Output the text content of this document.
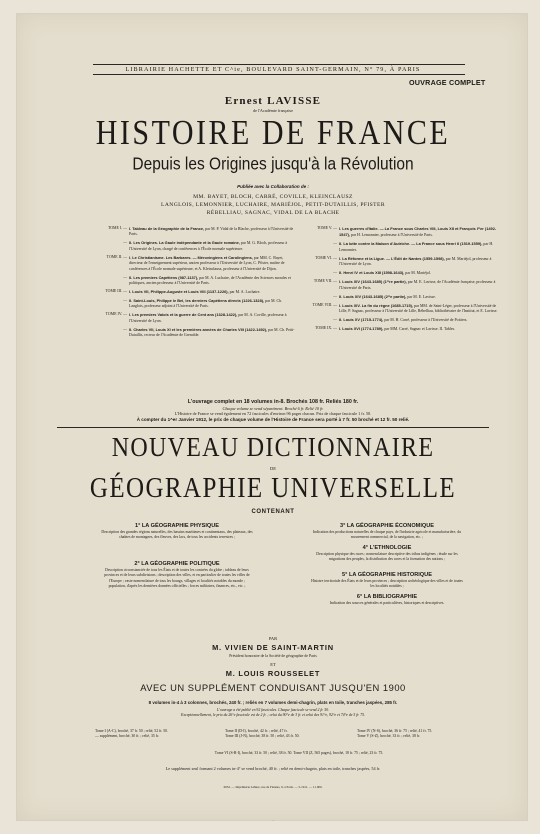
LIBRAIRIE HACHETTE ET C^ie, BOULEVARD SAINT-GERMAIN, N° 79, À PARIS
OUVRAGE COMPLET
Ernest LAVISSE
de l'Académie française
HISTOIRE DE FRANCE
Depuis les Origines jusqu'à la Révolution
Publiée avec la Collaboration de :
MM. BAYET, BLOCH, CARRÉ, COVILLE, KLEINCLAUSZ
LANGLOIS, LEMONNIER, LUCHAIRE, MARIÉJOL, PETIT-DUTAILLIS, PFISTER
RÉBELLIAU, SAGNAC, VIDAL DE LA BLACHE
TOME I. — I. Tableau de la Géographie de la France, par M. P. Vidal de la Blache, professeur à l'Université de Paris.
— II. Les Origines. La Gaule indépendante et la Gaule romaine, par M. G. Bloch, professeur à l'Université de Lyon, chargé de conférences à l'École normale supérieure.
TOME II. — I. Le Christianisme. Les Barbares. — Mérovingiens et Carolingiens, par MM. C. Bayet, directeur de l'enseignement supérieur, ancien professeur à l'Université de Lyon, C. Pfister, maître de conférences à l'École normale supérieure, et A. Kleinclausz, professeur à l'Université de Dijon.
— II. Les premiers Capétiens (987-1137), par M. A. Luchaire, de l'Académie des Sciences morales et politiques, ancien professeur à l'Université de Paris.
TOME III. — I. Louis VII, Philippe-Auguste et Louis VIII (1137-1226), par M. A. Luchaire.
— II. Saint-Louis, Philippe le Bel, les derniers Capétiens directs (1226-1328), par M. Ch. Langlois, professeur adjoint à l'Université de Paris.
TOME IV. — I. Les premiers Valois et la guerre de Cent ans (1328-1422), par M. A. Coville, professeur à l'Université de Lyon.
— II. Charles VII, Louis XI et les premières années de Charles VIII (1422-1492), par M. Ch. Petit-Dutaillis, recteur de l'Académie de Grenoble.
TOME V. — I. Les guerres d'Italie. — La France sous Charles VIII, Louis XII et François I^er (1492-1547), par H. Lemonnier, professeur à l'Université de Paris.
— II. La lutte contre la Maison d'Autriche. — La France sous Henri II (1519-1559), par H. Lemonnier.
TOME VI. — I. La Réforme et la Ligue. — L'Édit de Nantes (1559-1598), par M. Mariéjol, professeur à l'Université de Lyon.
— II. Henri IV et Louis XIII (1598-1643), par M. Mariéjol.
TOME VII. — I. Louis XIV (1643-1685) (1^re partie), par M. E. Lavisse, de l'Académie française, professeur à l'Université de Paris.
— II. Louis XIV (1643-1685) (2^e partie), par M. E. Lavisse.
TOME VIII. — I. Louis XIV. La fin du règne (1685-1715), par MM. de Saint-Léger, professeur à l'Université de Lille, P. Sagnac, professeur à l'Université de Lille, Rébelliau, bibliothécaire de l'Institut, et E. Lavisse.
— II. Louis XV (1715-1774), par M. H. Carré, professeur à l'Université de Poitiers.
TOME IX. — I. Louis XVI (1774-1789), par MM. Carré, Sagnac et Lavisse. II. Tables.
L'ouvrage complet en 18 volumes in-8. Brochés 108 fr. Reliés 180 fr.
Chaque volume se vend séparément. Broché 6 fr. Relié 10 fr.
L'Histoire de France se vend également en 72 fascicules d'environ 96 pages chacun. Prix de chaque fascicule 1 fr. 50.
À compter du 1^er Janvier 1912, le prix de chaque volume de l'Histoire de France sera porté à 7 fr. 50 broché et 12 fr. 50 relié.
NOUVEAU DICTIONNAIRE
DE
GÉOGRAPHIE UNIVERSELLE
CONTENANT
1° LA GÉOGRAPHIE PHYSIQUE
Description des grandes régions naturelles, des bassins maritimes et continentaux, des plateaux, des chaînes de montagnes, des fleuves, des lacs, de tous les accidents terrestres ;
2° LA GÉOGRAPHIE POLITIQUE
Description circonstanciée de tous les États et de toutes les contrées du globe ; tableau de leurs provinces et de leurs subdivisions ; description des villes, et en particulier de toutes les villes de l'Europe ; vaste nomenclature de tous les bourgs, villages et localités notables du monde ; population, d'après les dernières données officielles ; forces militaires, finances, etc., etc. ;
3° LA GÉOGRAPHIE ÉCONOMIQUE
Indication des productions naturelles de chaque pays, de l'industrie agricole et manufacturière, du mouvement commercial, de la navigation, etc. ;
4° L'ETHNOLOGIE
Description physique des races ; nomenclature descriptive des tribus indigènes ; étude sur les migrations des peuples, la distribution des races et la formation des nations ;
5° LA GÉOGRAPHIE HISTORIQUE
Histoire territoriale des États et de leurs provinces ; description archéologique des villes et de toutes les localités notables ;
6° LA BIBLIOGRAPHIE
Indication des sources générales et particulières, historiques et descriptives.
PAR
M. VIVIEN DE SAINT-MARTIN
Président honoraire de la Société de géographie de Paris
ET
M. LOUIS ROUSSELET
AVEC UN SUPPLÉMENT CONDUISANT JUSQU'EN 1900
8 volumes in-4 à 3 colonnes, brochés, 240 fr. ; reliés en 7 volumes demi-chagrin, plats en toile, tranches jaspées, 285 fr.
L'ouvrage a été publié en 92 fascicules. Chaque fascicule se vend 2 fr. 50.
Exceptionnellement, le prix du 26^e fascicule est de 2 fr. ; celui du 90^e de 3 fr. et celui des 91^e, 92^e et 74^e de 5 fr. 75.
Tome I (A-C), broché, 37 fr. 50 ; relié, 52 fr. 50.
— supplément, broché, 30 fr. ; relié, 35 fr.
Tome II (D-I), broché, 42 fr. ; relié, 47 fr.
Tome III (J-N), broché, 38 fr. 50 ; relié, 43 fr. 50.
Tome IV (N-S), broché, 36 fr. 75 ; relié, 41 fr. 75.
Tome V (S-Z), broché, 33 fr. ; relié, 38 fr.
Tome VI (S-R-I), broché, 33 fr. 50 ; relié, 38 fr. 50. Tome VII (Z, 565 pages), broché, 18 fr. 75 ; relié, 23 fr. 75.
Le supplément seul formant 2 volumes in-4° se vend broché, 40 fr. ; relié en demi-chagrin, plats en toile, tranches jaspées, 54 fr.
6052. — Imprimerie Lahure, rue de Fleurus, 9, à Paris. — 5-1911. — 11.000.
·
